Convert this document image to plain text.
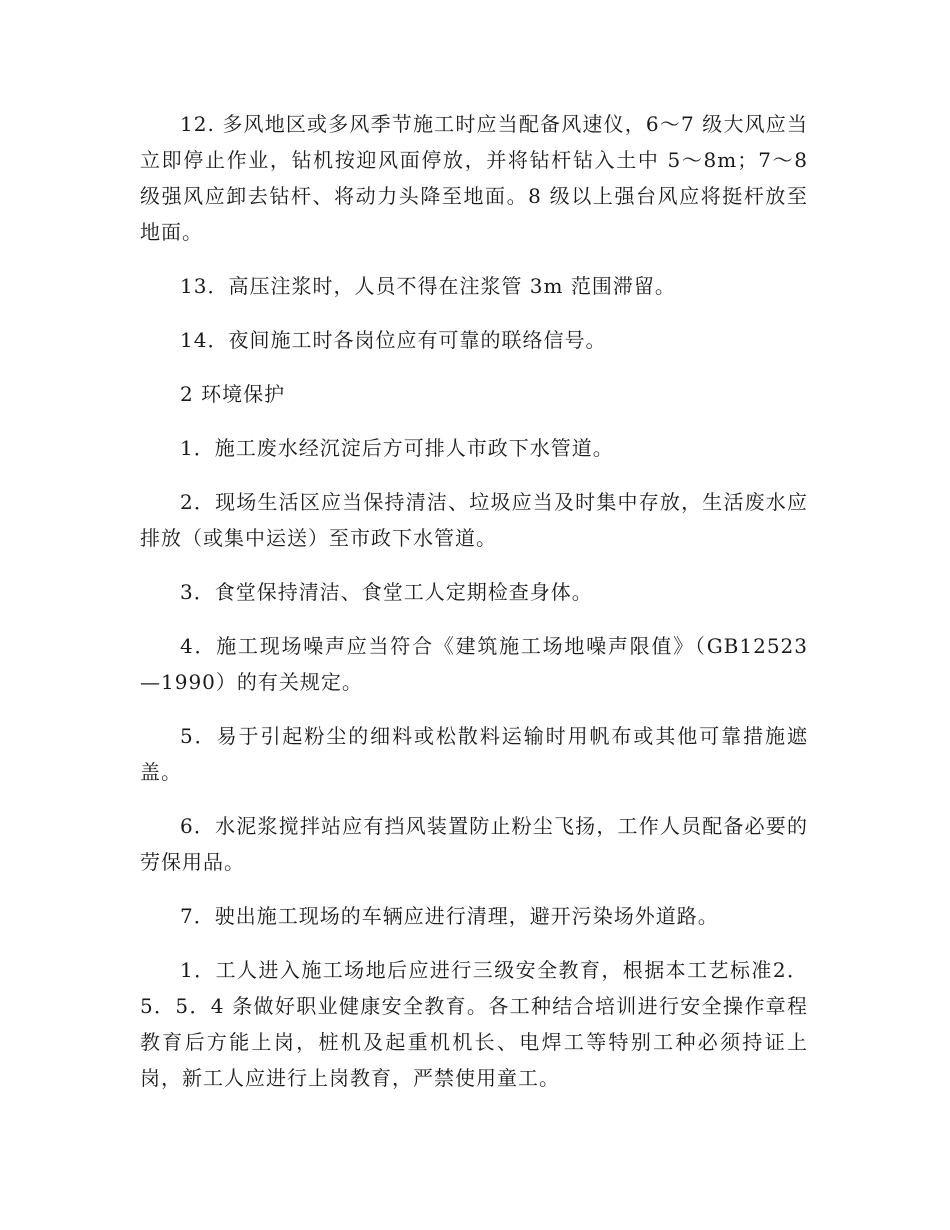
12. 多风地区或多风季节施工时应当配备风速仪，6～7 级大风应当立即停止作业，钻机按迎风面停放，并将钻杆钻入土中 5～8m；7～8 级强风应卸去钻杆、将动力头降至地面。8 级以上强台风应将挺杆放至地面。

13．高压注浆时，人员不得在注浆管 3m 范围滞留。

14．夜间施工时各岗位应有可靠的联络信号。

2 环境保护

1．施工废水经沉淀后方可排人市政下水管道。

2．现场生活区应当保持清洁、垃圾应当及时集中存放，生活废水应排放（或集中运送）至市政下水管道。

3．食堂保持清洁、食堂工人定期检查身体。

4．施工现场噪声应当符合《建筑施工场地噪声限值》（GB12523—1990）的有关规定。

5．易于引起粉尘的细料或松散料运输时用帆布或其他可靠措施遮盖。

6．水泥浆搅拌站应有挡风装置防止粉尘飞扬，工作人员配备必要的劳保用品。

7．驶出施工现场的车辆应进行清理，避开污染场外道路。

1．工人进入施工场地后应进行三级安全教育，根据本工艺标准2．5．5．4 条做好职业健康安全教育。各工种结合培训进行安全操作章程教育后方能上岗，桩机及起重机机长、电焊工等特别工种必须持证上岗，新工人应进行上岗教育，严禁使用童工。
